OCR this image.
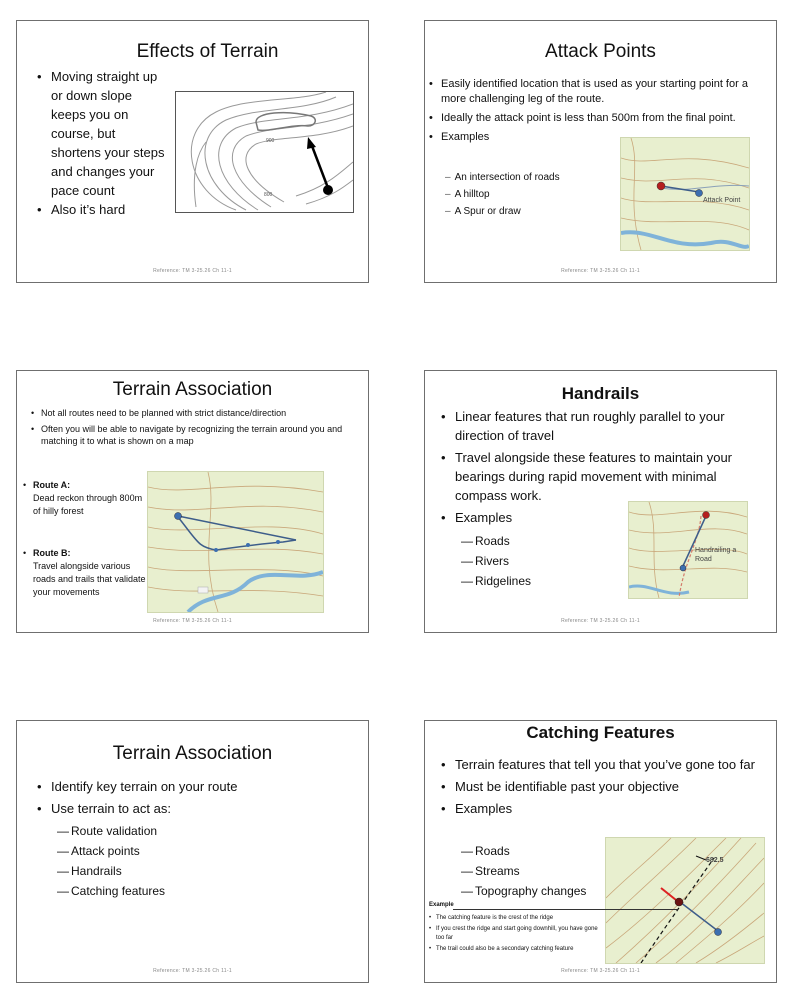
Effects of Terrain
• Moving straight up or down slope keeps you on course, but shortens your steps and changes your pace count
• Also it’s hard
900
800
Reference: TM 3-25.26 Ch 11-1
Attack Points
• Easily identified location that is used as your starting point for a more challenging leg of the route.
• Ideally the attack point is less than 500m from the final point.
• Examples
– An intersection of roads
– A hilltop
– A Spur or draw
Attack Point
Reference: TM 3-25.26 Ch 11-1
Terrain Association
• Not all routes need to be planned with strict distance/direction
• Often you will be able to navigate by recognizing the terrain around you and matching it to what is shown on a map
• Route A:
Dead reckon through 800m of hilly forest
• Route B:
Travel alongside various roads and trails that validate your movements
Reference: TM 3-25.26 Ch 11-1
Handrails
• Linear features that run roughly parallel to your direction of travel
• Travel alongside these features to maintain your bearings during rapid movement with minimal compass work.
• Examples
— Roads
— Rivers
— Ridgelines
Handrailing a Road
Reference: TM 3-25.26 Ch 11-1
Terrain Association
• Identify key terrain on your route
• Use terrain to act as:
— Route validation
— Attack points
— Handrails
— Catching features
Reference: TM 3-25.26 Ch 11-1
Catching Features
• Terrain features that tell you that you’ve gone too far
• Must be identifiable past your objective
• Examples
— Roads
— Streams
— Topography changes
Example
• The catching feature is the crest of the ridge
• If you crest the ridge and start going downhill, you have gone too far
• The trail could also be a secondary catching feature
682.5
Reference: TM 3-25.26 Ch 11-1
